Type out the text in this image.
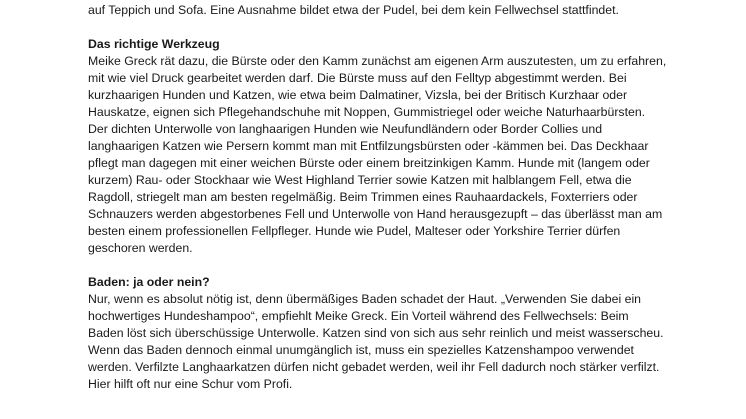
auf Teppich und Sofa. Eine Ausnahme bildet etwa der Pudel, bei dem kein Fellwechsel stattfindet.
Das richtige Werkzeug
Meike Greck rät dazu, die Bürste oder den Kamm zunächst am eigenen Arm auszutesten, um zu erfahren,
mit wie viel Druck gearbeitet werden darf. Die Bürste muss auf den Felltyp abgestimmt werden. Bei
kurzhaarigen Hunden und Katzen, wie etwa beim Dalmatiner, Vizsla, bei der Britisch Kurzhaar oder
Hauskatze, eignen sich Pflegehandschuhe mit Noppen, Gummistriegel oder weiche Naturhaarbürsten.
Der dichten Unterwolle von langhaarigen Hunden wie Neufundländern oder Border Collies und
langhaarigen Katzen wie Persern kommt man mit Entfilzungsbürsten oder -kämmen bei. Das Deckhaar
pflegt man dagegen mit einer weichen Bürste oder einem breitzinkigen Kamm. Hunde mit (langem oder
kurzem) Rau- oder Stockhaar wie West Highland Terrier sowie Katzen mit halblangem Fell, etwa die
Ragdoll, striegelt man am besten regelmäßig. Beim Trimmen eines Rauhaardackels, Foxterriers oder
Schnauzers werden abgestorbenes Fell und Unterwolle von Hand herausgezupft – das überlässt man am
besten einem professionellen Fellpfleger. Hunde wie Pudel, Malteser oder Yorkshire Terrier dürfen
geschoren werden.
Baden: ja oder nein?
Nur, wenn es absolut nötig ist, denn übermäßiges Baden schadet der Haut. „Verwenden Sie dabei ein
hochwertiges Hundeshampoo“, empfiehlt Meike Greck. Ein Vorteil während des Fellwechsels: Beim
Baden löst sich überschüssige Unterwolle. Katzen sind von sich aus sehr reinlich und meist wasserscheu.
Wenn das Baden dennoch einmal unumgänglich ist, muss ein spezielles Katzenshampoo verwendet
werden. Verfilzte Langhaarkatzen dürfen nicht gebadet werden, weil ihr Fell dadurch noch stärker verfilzt.
Hier hilft oft nur eine Schur vom Profi.
